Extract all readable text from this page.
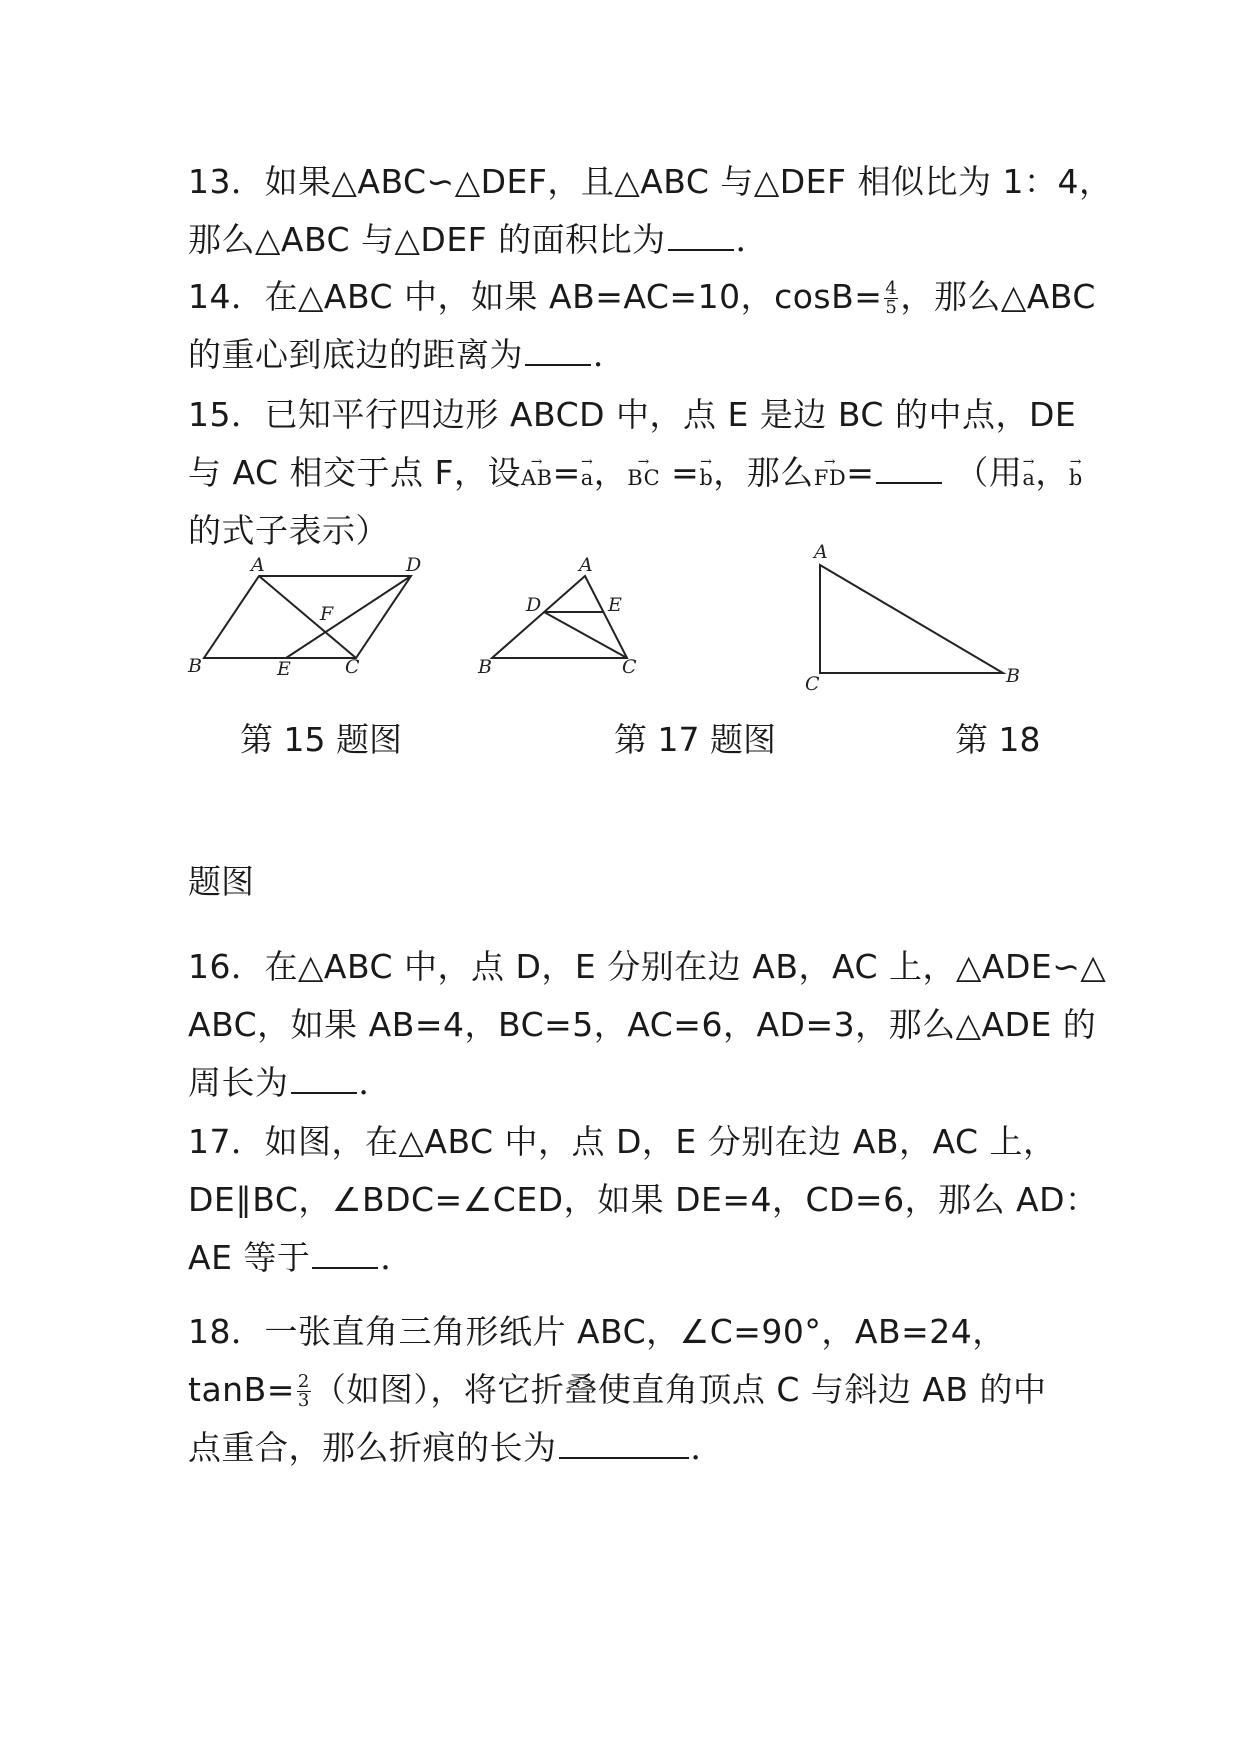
13．如果△ABC∽△DEF，且△ABC 与△DEF 相似比为 1：4，
那么△ABC 与△DEF 的面积比为 ．
14．在△ABC 中，如果 AB=AC=10，$\cos B= \frac{4}{5}$ ，那么△ABC
的重心到底边的距离为 ．
15．已知平行四边形 ABCD 中，点 E 是边 BC 的中点，DE
与 AC 相交于点 F，设→ AB=→ a，→ BC =→ b，那么→ FD= （用→ a，→ b
的式子表示）
A	D
B	E	C
F
A
D	E
B	C
A
C	B
第 15 题图	第 17 题图	第 18
题图
16．在△ABC 中，点 D，E 分别在边 AB，AC 上，△ADE∽△
ABC，如果 AB=4，BC=5，AC=6，AD=3，那么△ADE 的
周长为 ．
17．如图，在△ABC 中，点 D，E 分别在边 AB，AC 上，
DE∥BC，∠BDC=∠CED，如果 DE=4，CD=6，那么 AD：
AE 等于 ．
18．一张直角三角形纸片 ABC，∠C=90°，AB=24，
$\tan B= \frac{2}{3}$ （如图），将它折叠使直角顶点 C 与斜边 AB 的中
点重合，那么折痕的长为	．
